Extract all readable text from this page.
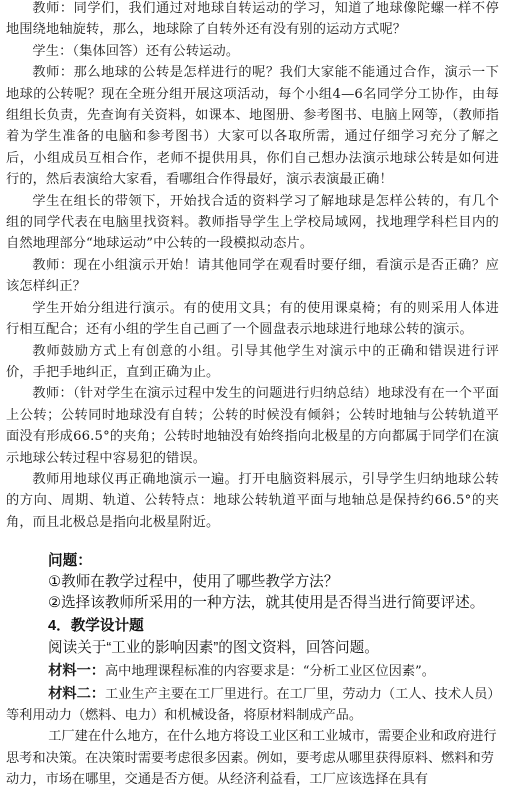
教师：同学们，我们通过对地球自转运动的学习，知道了地球像陀螺一样不停地围绕地轴旋转，那么，地球除了自转外还有没有别的运动方式呢？

学生：（集体回答）还有公转运动。

教师：那么地球的公转是怎样进行的呢？我们大家能不能通过合作，演示一下地球的公转呢？现在全班分组开展这项活动，每个小组4—6名同学分工协作，由每组组长负责，先查询有关资料，如课本、地图册、参考图书、电脑上网等，（教师指着为学生准备的电脑和参考图书）大家可以各取所需，通过仔细学习充分了解之后，小组成员互相合作，老师不提供用具，你们自己想办法演示地球公转是如何进行的，然后表演给大家看，看哪组合作得最好，演示表演最正确！

学生在组长的带领下，开始找合适的资料学习了解地球是怎样公转的，有几个组的同学代表在电脑里找资料。教师指导学生上学校局域网，找地理学科栏目内的自然地理部分“地球运动”中公转的一段模拟动态片。

教师：现在小组演示开始！请其他同学在观看时要仔细，看演示是否正确？应该怎样纠正？

学生开始分组进行演示。有的使用文具；有的使用课桌椅；有的则采用人体进行相互配合；还有小组的学生自己画了一个圆盘表示地球进行地球公转的演示。

教师鼓励方式上有创意的小组。引导其他学生对演示中的正确和错误进行评价，手把手地纠正，直到正确为止。

教师：（针对学生在演示过程中发生的问题进行归纳总结）地球没有在一个平面上公转；公转同时地球没有自转；公转的时候没有倾斜；公转时地轴与公转轨道平面没有形成66.5°的夹角；公转时地轴没有始终指向北极星的方向都属于同学们在演示地球公转过程中容易犯的错误。

教师用地球仪再正确地演示一遍。打开电脑资料展示，引导学生归纳地球公转的方向、周期、轨道、公转特点：地球公转轨道平面与地轴总是保持约66.5°的夹角，而且北极总是指向北极星附近。

问题：

①教师在教学过程中，使用了哪些教学方法？

②选择该教师所采用的一种方法，就其使用是否得当进行简要评述。

4．教学设计题

阅读关于“工业的影响因素”的图文资料，回答问题。

材料一：高中地理课程标准的内容要求是：“分析工业区位因素”。

材料二：工业生产主要在工厂里进行。在工厂里，劳动力（工人、技术人员）等利用动力（燃料、电力）和机械设备，将原材料制成产品。

工厂建在什么地方，在什么地方将设工业区和工业城市，需要企业和政府进行思考和决策。在决策时需要考虑很多因素。例如，要考虑从哪里获得原料、燃料和劳动力，市场在哪里，交通是否方便。从经济利益看，工厂应该选择在具有
